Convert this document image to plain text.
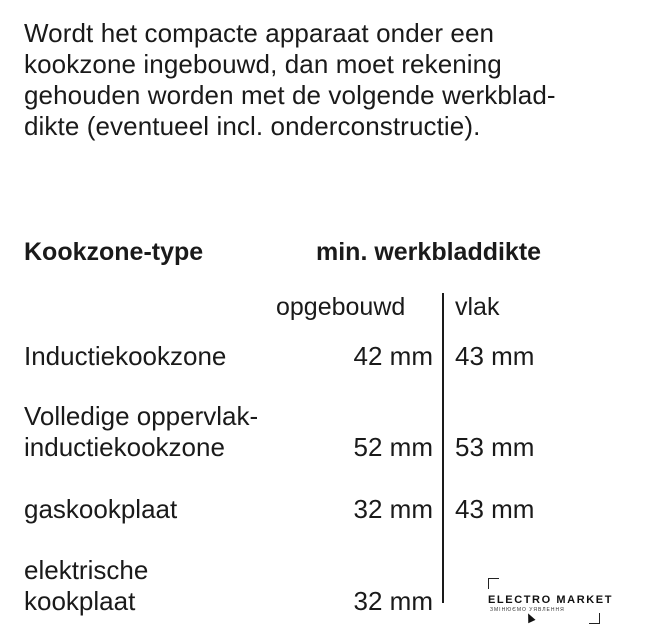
Wordt het compacte apparaat onder een
kookzone ingebouwd, dan moet rekening
gehouden worden met de volgende werkblad-
dikte (eventueel incl. onderconstructie).
Kookzone-type	min. werkbladdikte
opgebouwd vlak
Inductiekookzone	42 mm 43 mm
Volledige oppervlak-
inductiekookzone	52 mm 53 mm
gaskookplaat	32 mm 43 mm
elektrische
kookplaat	32 mm	ELECTRO MARKET
ЗМІНЮЄМО УЯВЛЕННЯ
